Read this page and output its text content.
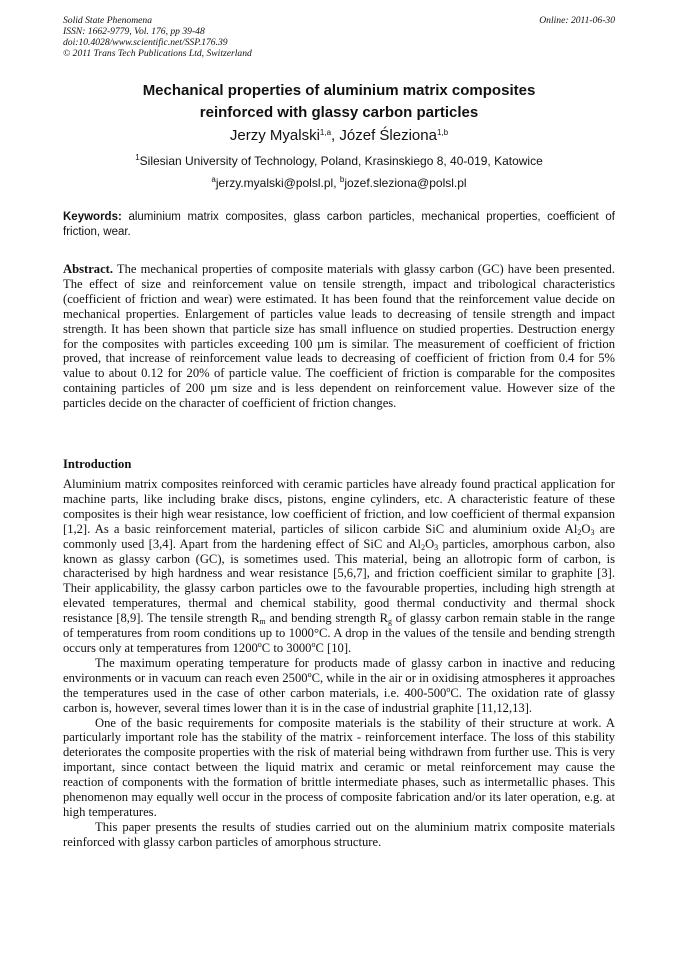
Solid State Phenomena
ISSN: 1662-9779, Vol. 176, pp 39-48
doi:10.4028/www.scientific.net/SSP.176.39
© 2011 Trans Tech Publications Ltd, Switzerland
Online: 2011-06-30
Mechanical properties of aluminium matrix composites
reinforced with glassy carbon particles
Jerzy Myalski$^{1,a}$, Józef Śleziona$^{1,b}$
$^1$Silesian University of Technology, Poland, Krasinskiego 8, 40-019, Katowice
$^a$jerzy.myalski@polsl.pl, $^b$jozef.sleziona@polsl.pl
Keywords: aluminium matrix composites, glass carbon particles, mechanical properties, coefficient of friction, wear.
Abstract. The mechanical properties of composite materials with glassy carbon (GC) have been presented. The effect of size and reinforcement value on tensile strength, impact and tribological characteristics (coefficient of friction and wear) were estimated. It has been found that the reinforcement value decide on mechanical properties. Enlargement of particles value leads to decreasing of tensile strength and impact strength. It has been shown that particle size has small influence on studied properties. Destruction energy for the composites with particles exceeding 100 µm is similar. The measurement of coefficient of friction proved, that increase of reinforcement value leads to decreasing of coefficient of friction from 0.4 for 5% value to about 0.12 for 20% of particle value. The coefficient of friction is comparable for the composites containing particles of 200 µm size and is less dependent on reinforcement value. However size of the particles decide on the character of coefficient of friction changes.
Introduction

Aluminium matrix composites reinforced with ceramic particles have already found practical application for machine parts, like including brake discs, pistons, engine cylinders, etc. A characteristic feature of these composites is their high wear resistance, low coefficient of friction, and low coefficient of thermal expansion [1,2]. As a basic reinforcement material, particles of silicon carbide SiC and aluminium oxide $Al_2O_3$ are commonly used [3,4]. Apart from the hardening effect of SiC and $Al_2O_3$ particles, amorphous carbon, also known as glassy carbon (GC), is sometimes used. This material, being an allotropic form of carbon, is characterised by high hardness and wear resistance [5,6,7], and friction coefficient similar to graphite [3]. Their applicability, the glassy carbon particles owe to the favourable properties, including high strength at elevated temperatures, thermal and chemical stability, good thermal conductivity and thermal shock resistance [8,9]. The tensile strength $R_m$ and bending strength $R_g$ of glassy carbon remain stable in the range of temperatures from room conditions up to 1000°C. A drop in the values of the tensile and bending strength occurs only at temperatures from 1200$^o$C to 3000$^o$C [10].

The maximum operating temperature for products made of glassy carbon in inactive and reducing environments or in vacuum can reach even 2500$^o$C, while in the air or in oxidising atmospheres it approaches the temperatures used in the case of other carbon materials, i.e. 400-500$^o$C. The oxidation rate of glassy carbon is, however, several times lower than it is in the case of industrial graphite [11,12,13].

One of the basic requirements for composite materials is the stability of their structure at work. A particularly important role has the stability of the matrix - reinforcement interface. The loss of this stability deteriorates the composite properties with the risk of material being withdrawn from further use. This is very important, since contact between the liquid matrix and ceramic or metal reinforcement may cause the reaction of components with the formation of brittle intermediate phases, such as intermetallic phases. This phenomenon may equally well occur in the process of composite fabrication and/or its later operation, e.g. at high temperatures.

This paper presents the results of studies carried out on the aluminium matrix composite materials reinforced with glassy carbon particles of amorphous structure.
